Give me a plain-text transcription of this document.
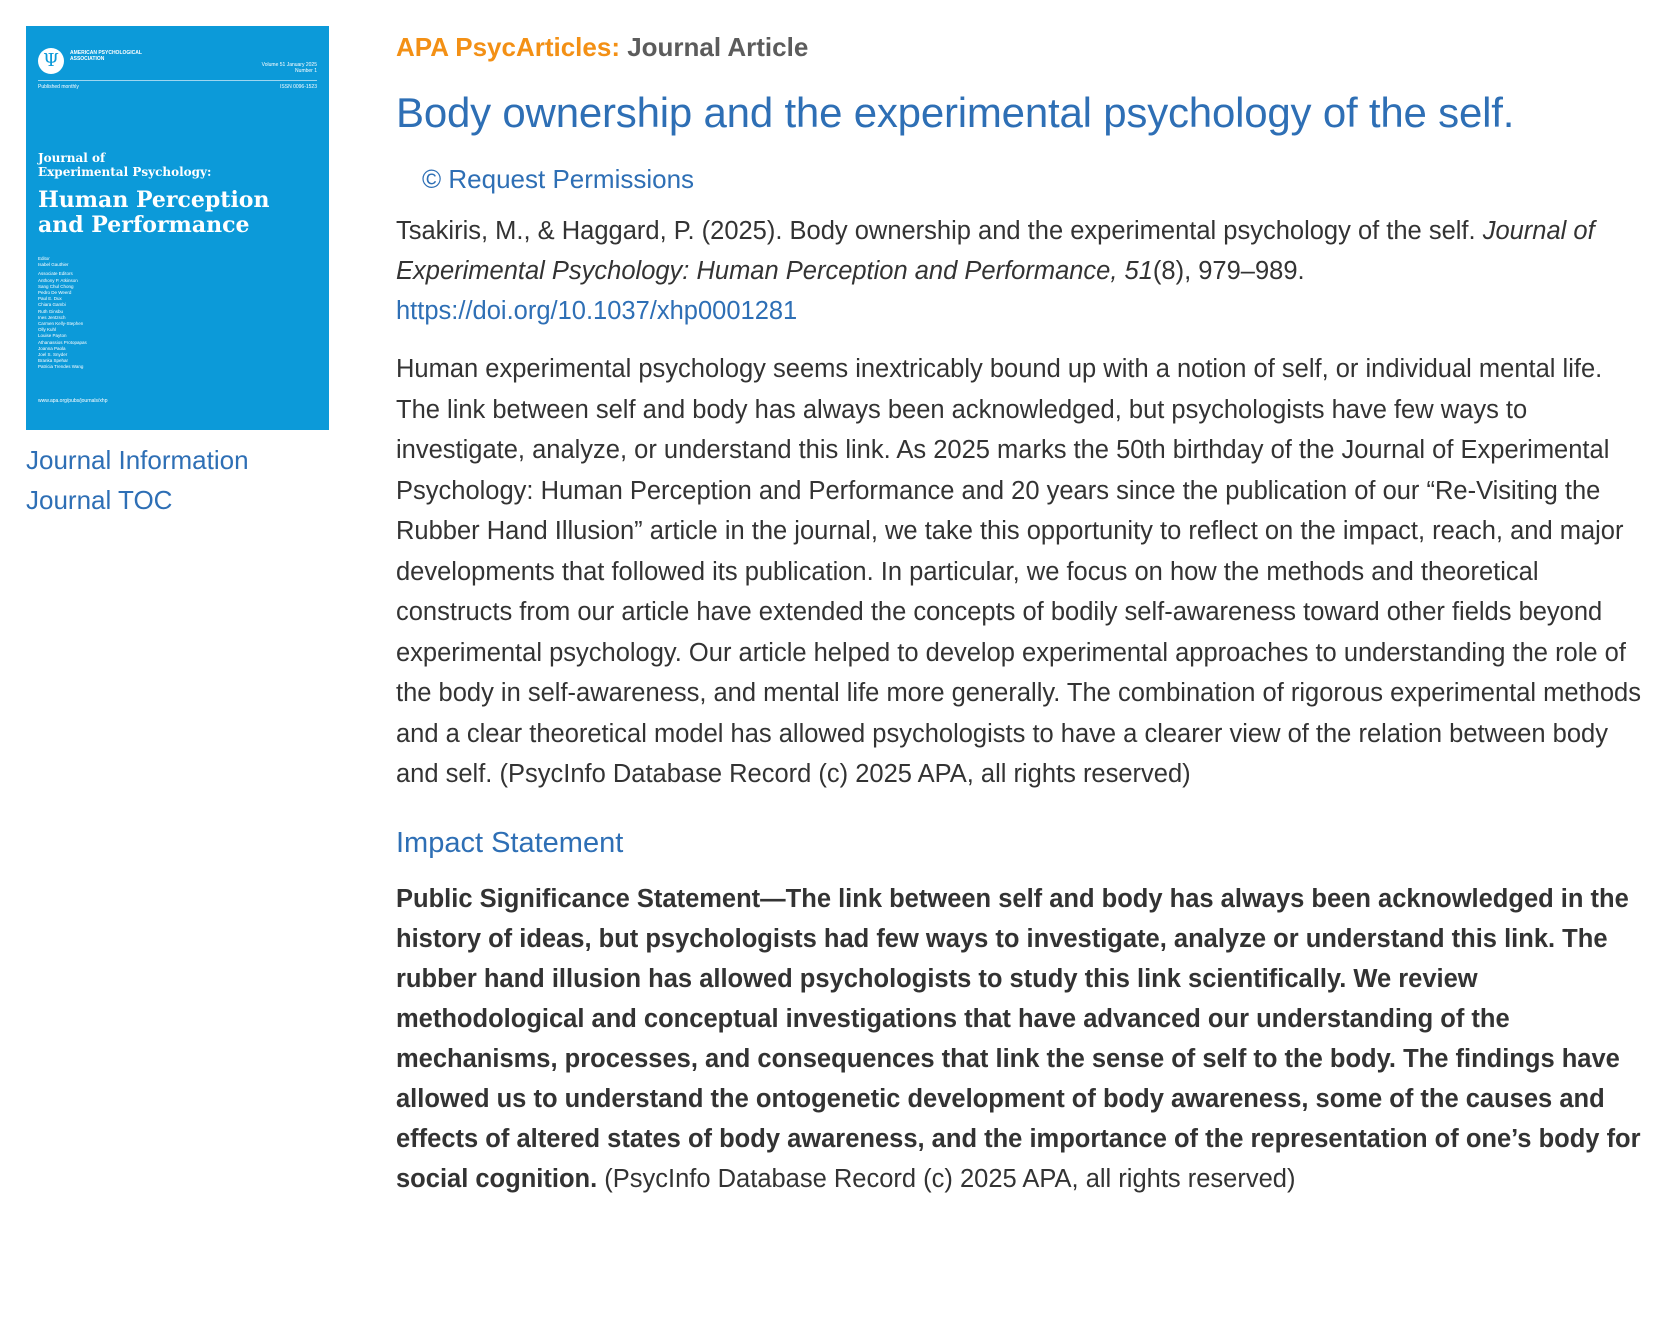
Ψ	AMERICAN PSYCHOLOGICAL ASSOCIATION
Volume 51 January 2025
Number 1
Published monthly	ISSN 0096-1523
Journal of
Experimental Psychology:
Human Perception
and Performance
Editor
Isabel Gauthier
Associate Editors
Anthony P. Atkinson
Sang Chul Chong
Pedro De Weerd
Paul E. Dux
Chiara Gambi
Ruth Ginsbu
Ines Jentzsch
Carmen Kelly-Stephen
Olly Kuhl
Louise Payton
Athanassios Protopapas
Joanna Paola
Joel S. Snyder
Branka Spehar
Patricia Trendes Wang
www.apa.org/pubs/journals/xhp
Journal Information
Journal TOC
APA PsycArticles: Journal Article
Body ownership and the experimental psychology of the self.
© Request Permissions

Tsakiris, M., & Haggard, P. (2025). Body ownership and the experimental psychology of the self. Journal of Experimental Psychology: Human Perception and Performance, 51(8), 979–989.
https://doi.org/10.1037/xhp0001281

Human experimental psychology seems inextricably bound up with a notion of self, or individual mental life. The link between self and body has always been acknowledged, but psychologists have few ways to investigate, analyze, or understand this link. As 2025 marks the 50th birthday of the Journal of Experimental Psychology: Human Perception and Performance and 20 years since the publication of our “Re-Visiting the Rubber Hand Illusion” article in the journal, we take this opportunity to reflect on the impact, reach, and major developments that followed its publication. In particular, we focus on how the methods and theoretical constructs from our article have extended the concepts of bodily self-awareness toward other fields beyond experimental psychology. Our article helped to develop experimental approaches to understanding the role of the body in self-awareness, and mental life more generally. The combination of rigorous experimental methods and a clear theoretical model has allowed psychologists to have a clearer view of the relation between body and self. (PsycInfo Database Record (c) 2025 APA, all rights reserved)

Impact Statement

Public Significance Statement—The link between self and body has always been acknowledged in the history of ideas, but psychologists had few ways to investigate, analyze or understand this link. The rubber hand illusion has allowed psychologists to study this link scientifically. We review methodological and conceptual investigations that have advanced our understanding of the mechanisms, processes, and consequences that link the sense of self to the body. The findings have allowed us to understand the ontogenetic development of body awareness, some of the causes and effects of altered states of body awareness, and the importance of the representation of one’s body for social cognition. (PsycInfo Database Record (c) 2025 APA, all rights reserved)
